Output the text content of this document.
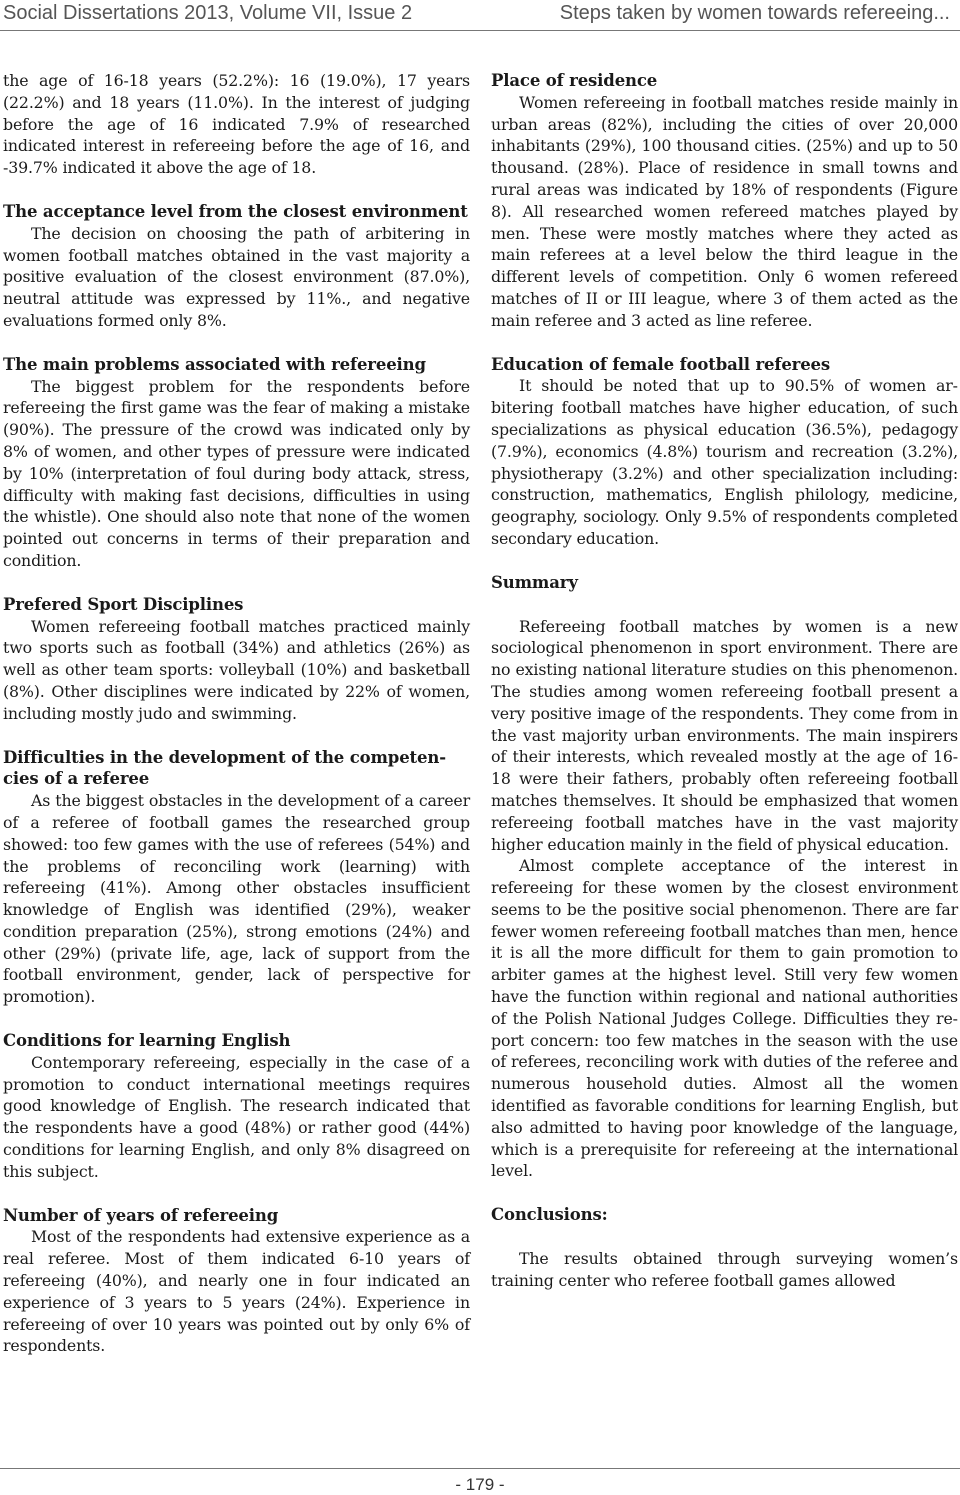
Social Dissertations 2013, Volume VII, Issue 2	Steps taken by women towards refereeing...

the age of 16-18 years (52.2%): 16 (19.0%), 17 years (22.2%) and 18 years (11.0%). In the interest of judging before the age of 16 indicated 7.9% of researched indicated interest in refereeing before the age of 16, and -39.7% indicated it above the age of 18.

The acceptance level from the closest environment

The decision on choosing the path of arbitering in women football matches obtained in the vast majority a positive evaluation of the closest environment (87.0%), neutral attitude was expressed by 11%., and negative evaluations formed only 8%.

The main problems associated with refereeing

The biggest problem for the respondents before refereeing the first game was the fear of making a mistake (90%). The pressure of the crowd was indicated only by 8% of women, and other types of pressure were indicated by 10% (interpretation of foul during body attack, stress, difficulty with making fast decisions, difficulties in using the whistle). One should also note that none of the women pointed out concerns in terms of their preparation and condition.

Prefered Sport Disciplines

Women refereeing football matches practiced mainly two sports such as football (34%) and athletics (26%) as well as other team sports: volleyball (10%) and basketball (8%). Other disciplines were indicated by 22% of women, including mostly judo and swimming.

Difficulties in the development of the competencies of a referee

As the biggest obstacles in the development of a career of a referee of football games the researched group showed: too few games with the use of referees (54%) and the problems of reconciling work (learning) with refereeing (41%). Among other obstacles insufficient knowledge of English was identified (29%), weaker condition preparation (25%), strong emotions (24%) and other (29%) (private life, age, lack of support from the football environment, gender, lack of perspective for promotion).

Conditions for learning English

Contemporary refereeing, especially in the case of a promotion to conduct international meetings requires good knowledge of English. The research indicated that the respondents have a good (48%) or rather good (44%) conditions for learning English, and only 8% disagreed on this subject.

Number of years of refereeing

Most of the respondents had extensive experience as a real referee. Most of them indicated 6-10 years of refereeing (40%), and nearly one in four indicated an experience of 3 years to 5 years (24%). Experience in refereeing of over 10 years was pointed out by only 6% of respondents.

Place of residence

Women refereeing in football matches reside mainly in urban areas (82%), including the cities of over 20,000 inhabitants (29%), 100 thousand cities. (25%) and up to 50 thousand. (28%). Place of residence in small towns and rural areas was indicated by 18% of respondents (Figure 8). All researched women refereed matches played by men. These were mostly matches where they acted as main referees at a level below the third league in the different levels of competition. Only 6 women refereed matches of II or III league, where 3 of them acted as the main referee and 3 acted as line referee.

Education of female football referees

It should be noted that up to 90.5% of women arbitering football matches have higher education, of such specializations as physical education (36.5%), pedagogy (7.9%), economics (4.8%) tourism and recreation (3.2%), physiotherapy (3.2%) and other specialization including: construction, mathematics, English philology, medicine, geography, sociology. Only 9.5% of respondents completed secondary education.

Summary

Refereeing football matches by women is a new sociological phenomenon in sport environment. There are no existing national literature studies on this phenomenon. The studies among women refereeing football present a very positive image of the respondents. They come from in the vast majority urban environments. The main inspirers of their interests, which revealed mostly at the age of 16-18 were their fathers, probably often refereeing football matches themselves. It should be emphasized that women refereeing football matches have in the vast majority higher education mainly in the field of physical education.

Almost complete acceptance of the interest in refereeing for these women by the closest environment seems to be the positive social phenomenon. There are far fewer women refereeing football matches than men, hence it is all the more difficult for them to gain promotion to arbiter games at the highest level. Still very few women have the function within regional and national authorities of the Polish National Judges College. Difficulties they report concern: too few matches in the season with the use of referees, reconciling work with duties of the referee and numerous household duties. Almost all the women identified as favorable conditions for learning English, but also admitted to having poor knowledge of the language, which is a prerequisite for refereeing at the international level.

Conclusions:

The results obtained through surveying women’s training center who referee football games allowed

- 179 -
